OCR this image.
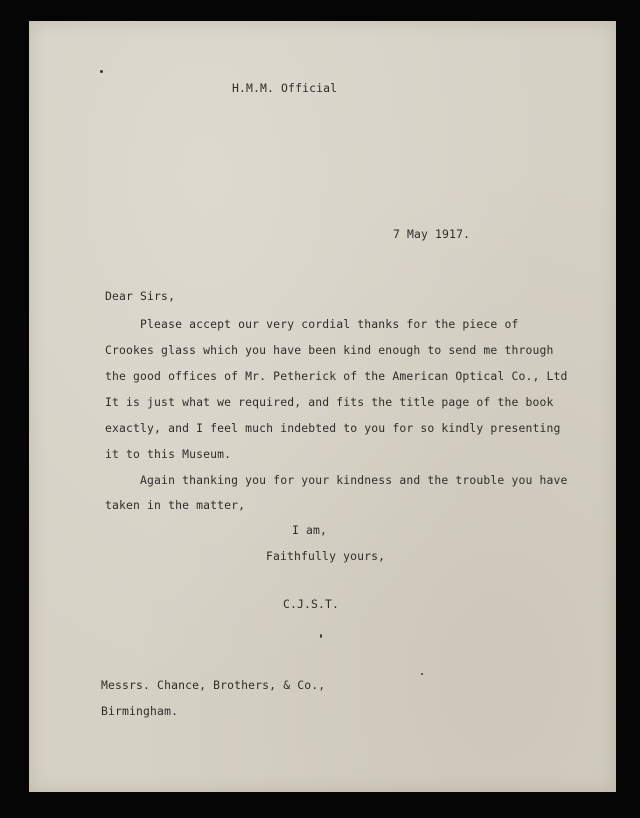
H.M.M. Official
7 May 1917.
Dear Sirs,
Please accept our very cordial thanks for the piece of
Crookes glass which you have been kind enough to send me through
the good offices of Mr. Petherick of the American Optical Co., Ltd
It is just what we required, and fits the title page of the book
exactly, and I feel much indebted to you for so kindly presenting
it to this Museum.
Again thanking you for your kindness and the trouble you have
taken in the matter,
I am,
Faithfully yours,
C.J.S.T.
Messrs. Chance, Brothers, & Co.,
Birmingham.
